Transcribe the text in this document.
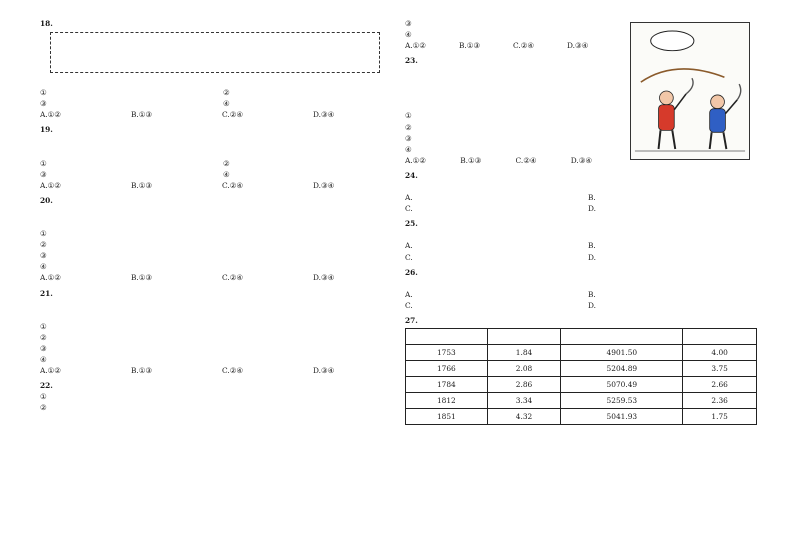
18.
①	②
③	④
A.①②	B.①③	C.②④	D.③④
19.
①	②
③	④
A.①②	B.①③	C.②④	D.③④
20.
①
②
③
④
A.①②	B.①③	C.②④	D.③④
21.
①
②
③
④
A.①②	B.①③	C.②④	D.③④
22.
①
②
③
④
A.①②	B.①③	C.②④	D.③④
23.
①
②
③
④
A.①②	B.①③	C.②④	D.③④
24.
A.	B.
C.	D.
25.
A.	B.
C.	D.
26.
A.	B.
C.	D.
27.

1753	1.84	4901.50	4.00
1766	2.08	5204.89	3.75
1784	2.86	5070.49	2.66
1812	3.34	5259.53	2.36
1851	4.32	5041.93	1.75
